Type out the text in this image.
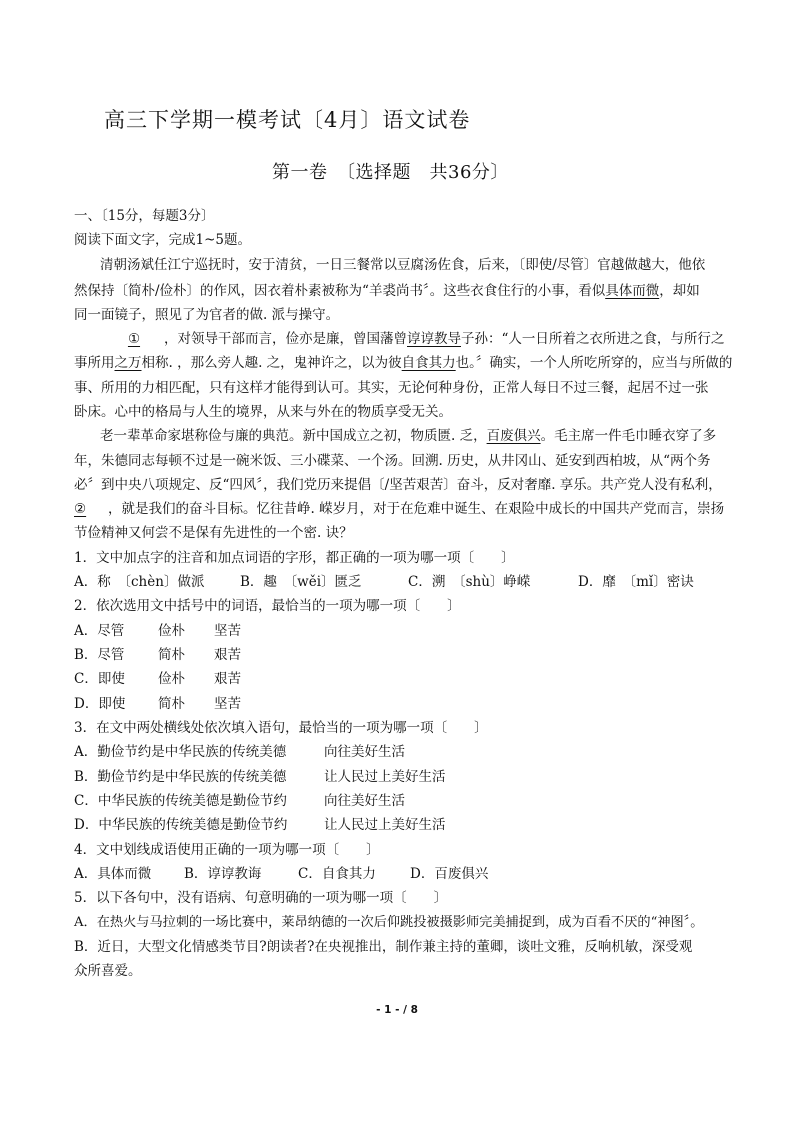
高三下学期一模考试〔4月〕语文试卷
第一卷　〔选择题　共36分〕
一、〔15分，每题3分〕
阅读下面文字，完成1~5题。
清朝汤斌任江宁巡抚时，安于清贫，一日三餐常以豆腐汤佐食，后来，〔即使/尽管〕官越做越大，他依
然保持〔简朴/俭朴〕的作风，因衣着朴素被称为“羊裘尚书〞。这些衣食住行的小事，看似具体而微，却如
同一面镜子，照见了为官者的做. 派与操守。
① ，对领导干部而言，俭亦是廉，曾国藩曾谆谆教导子孙：“人一日所着之衣所进之食，与所行之
事所用之万相称. ，那么旁人趣. 之，鬼神许之，以为彼自食其力也。〞确实，一个人所吃所穿的，应当与所做的
事、所用的力相匹配，只有这样才能得到认可。其实，无论何种身份，正常人每日不过三餐，起居不过一张
卧床。心中的格局与人生的境界，从来与外在的物质享受无关。
老一辈革命家堪称俭与廉的典范。新中国成立之初，物质匮. 乏，百废俱兴。毛主席一件毛巾睡衣穿了多
年，朱德同志每顿不过是一碗米饭、三小碟菜、一个汤。回溯. 历史，从井冈山、延安到西柏坡，从“两个务
必〞到中央八项规定、反“四风〞，我们党历来提倡〔/坚苦艰苦〕奋斗，反对奢靡. 享乐。共产党人没有私利，
② ，就是我们的奋斗目标。忆往昔峥. 嵘岁月，对于在危难中诞生、在艰险中成长的中国共产党而言，崇扬
节俭精神又何尝不是保有先进性的一个密. 诀？
1．文中加点字的注音和加点词语的字形，都正确的一项为哪一项〔　　〕
A．称　〔chèn〕做派	B．趣　〔wěi〕匮乏	C．溯　〔shù〕峥嵘	D．靡　〔mǐ〕密诀
2．依次选用文中括号中的词语，最恰当的一项为哪一项〔　　〕
A．尽管	俭朴 坚苦
B．尽管 简朴 艰苦
C．即使 俭朴 艰苦
D．即使 简朴 坚苦
3．在文中两处横线处依次填入语句，最恰当的一项为哪一项〔　　〕
A．勤俭节约是中华民族的传统美德	向往美好生活
B．勤俭节约是中华民族的传统美德	让人民过上美好生活
C．中华民族的传统美德是勤俭节约	向往美好生活
D．中华民族的传统美德是勤俭节约	让人民过上美好生活
4．文中划线成语使用正确的一项为哪一项〔　　〕
A．具体而微 B．谆谆教诲	C．自食其力	D．百废俱兴
5．以下各句中，没有语病、句意明确的一项为哪一项〔　　〕
A．在热火与马拉刺的一场比赛中，莱昂纳德的一次后仰跳投被摄影师完美捕捉到，成为百看不厌的“神图〞。
B．近日，大型文化情感类节目?朗读者?在央视推出，制作兼主持的董卿，谈吐文雅，反响机敏，深受观
众所喜爱。
- 1 - / 8
